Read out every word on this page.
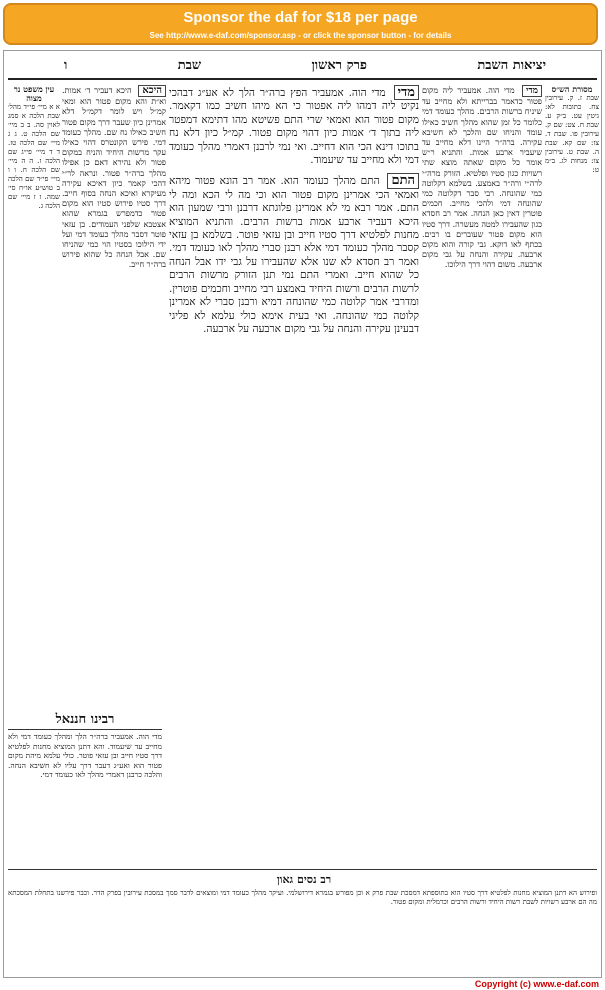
Sponsor the daf for $18 per page
See http://www.e-daf.com/sponsor.asp - or click the sponsor button - for details
יציאות השבת
פרק ראשון
שבת
ו

מסורת הש״ס

שבת ז. ק. עירובין צח. כתובות לא: גיטין עט. ב״ק ע. שבת ח. צט: שם ק. עירובין פו. שבת ד. צז: שם קא. שבת ה. שבת ט. עירובין צו: מנחות לג. ב״מ ט:

מדי מדי הוה. אמעביר ליה מקום פטור כדאמר בברייתא ולא מחייב עד שיניח ברשות הרבים. מהלך כעומד דמי כלומר כל זמן שהוא מהלך חשיב כאילו עומד והניחו שם והלכך לא חשיבא עקירה. ברה״ר היינו דלא מחייב עד שיעביר ארבע אמות. והתניא ר״ש אומר כל מקום שאתה מוצא שתי רשויות כגון סטיו ופלטיא. הזורק מרה״י לרה״י ורה״ר באמצע. בשלמא דקלוטה כמי שהונחה. רבי סבר דקלוטה כמי שהונחה דמי ולהכי מחייב. חכמים פוטרין דאין כאן הנחה. אמר רב חסדא כגון שהעבירו למטה מעשרה. דרך סטיו הוא מקום פטור שעוברים בו רבים. בכתף לאו דוקא. גבי קורה והוא מקום ארבעה. עקירה והנחה על גבי מקום ארבעה. משום דהוי דרך הילוכו.

מדי מדי הוה. אמעביר הפץ ברה״ר הלך לא אע״ג דבהכי נקיט ליה דמהו ליה אפטור כי הא מיהו חשיב כמו דקאמר. מקום פטור הוא ואמאי שרי התם פשיטא מהו דתימא דמפטר ליה בתוך ד׳ אמות כיון דהוי מקום פטור. קמ״ל כיון דלא נח בתוכו דינא הכי הוא דחייב. ואי נמי לרבנן דאמרי מהלך כעומד דמי ולא מחייב עד שיעמוד.

התם התם מהלך כעומד הוא. אמר רב הונא פטור מיהא ואמאי הכי אמרינן מקום פטור הוא וכי מה לי הכא ומה לי התם. אמר רבא מי לא אמרינן פלוגתא דרבנן ורבי שמעון הוא היכא דעביר ארבע אמות ברשות הרבים. והתניא המוציא מחנות לפלטיא דרך סטיו חייב ובן עזאי פוטר. בשלמא בן עזאי קסבר מהלך כעומד דמי אלא רבנן סברי מהלך לאו כעומד דמי. ואמר רב חסדא לא שנו אלא שהעבירו על גבי ידו אבל הנחה כל שהוא חייב. ואמרי התם נמי תנן הזורק מרשות הרבים לרשות הרבים ורשות היחיד באמצע רבי מחייב וחכמים פוטרין. ומדרבי אמר קלוטה כמי שהונחה דמיא ורבנן סברי לא אמרינן קלוטה כמי שהונחה. ואי בעית אימא כולי עלמא לא פליגי דבעינן עקירה והנחה על גבי מקום ארבעה על ארבעה.

היכא היכא דעביר ד׳ אמות. וא״ת והא מקום פטור הוא ומאי קמ״ל ויש לומר דקמ״ל דלא אמרינן כיון שעבר דרך מקום פטור חשיב כאילו נח שם. מהלך כעומד דמי. פירש הקונטרס דהוי כאילו עקר מרשות היחיד והניח במקום פטור ולא נהירא דאם כן אפילו מהלך ברה״ר פטור. ונראה לר״י דהכי קאמר כיון דאיכא עקירה מעיקרא ואיכא הנחה בסוף חייב. דרך סטיו פירוש סטיו הוא מקום פטור כדמפרש בגמרא שהוא אצטבא שלפני העמודים. בן עזאי פוטר דסבר מהלך כעומד דמי ועל ידי הילוכו בסטיו הוי כמי שהניחו שם. אבל הנחה כל שהוא פירוש ברה״ר חייב.

עין משפט נר מצוה

א א מיי׳ פי״ד מהל׳ שבת הלכה א סמג לאוין סה. ב ב מיי׳ שם הלכה ט. ג ג מיי׳ שם הלכה טז. ד ד מיי׳ פי״ג שם הלכה ז. ה ה מיי׳ שם הלכה ח. ו ו מיי׳ פי״ד שם הלכה ב טוש״ע או״ח סי׳ שמה. ז ז מיי׳ שם הלכה ג.

רבינו חננאל
מדי הוה. אמעביר ברה״ר הלך ומהלך כעומד דמי ולא מחייב עד שיעמוד. והא דתנן המוציא מחנות לפלטיא דרך סטיו חייב ובן עזאי פוטר. כולי עלמא מיהת מקום פטור הוא ואע״ג דעבר דרך עליו לא חשיבא הנחה. והלכה כרבנן דאמרי מהלך לאו כעומד דמי.
רב נסים גאון
ופירוש הא דתנן המוציא מחנות לפלטיא דרך סטיו הוא בתוספתא דמסכת שבת פרק א וכן מפורש בגמרא דירושלמי. ועיקר מהלך כעומד דמי ומוצאים לדבר סמך במסכת עירובין בפרק הדר. וכבר פירשנו בתחלת המסכתא מה הם ארבע רשויות לשבת רשות היחיד ורשות הרבים וכרמלית ומקום פטור.
Copyright (c) www.e-daf.com
